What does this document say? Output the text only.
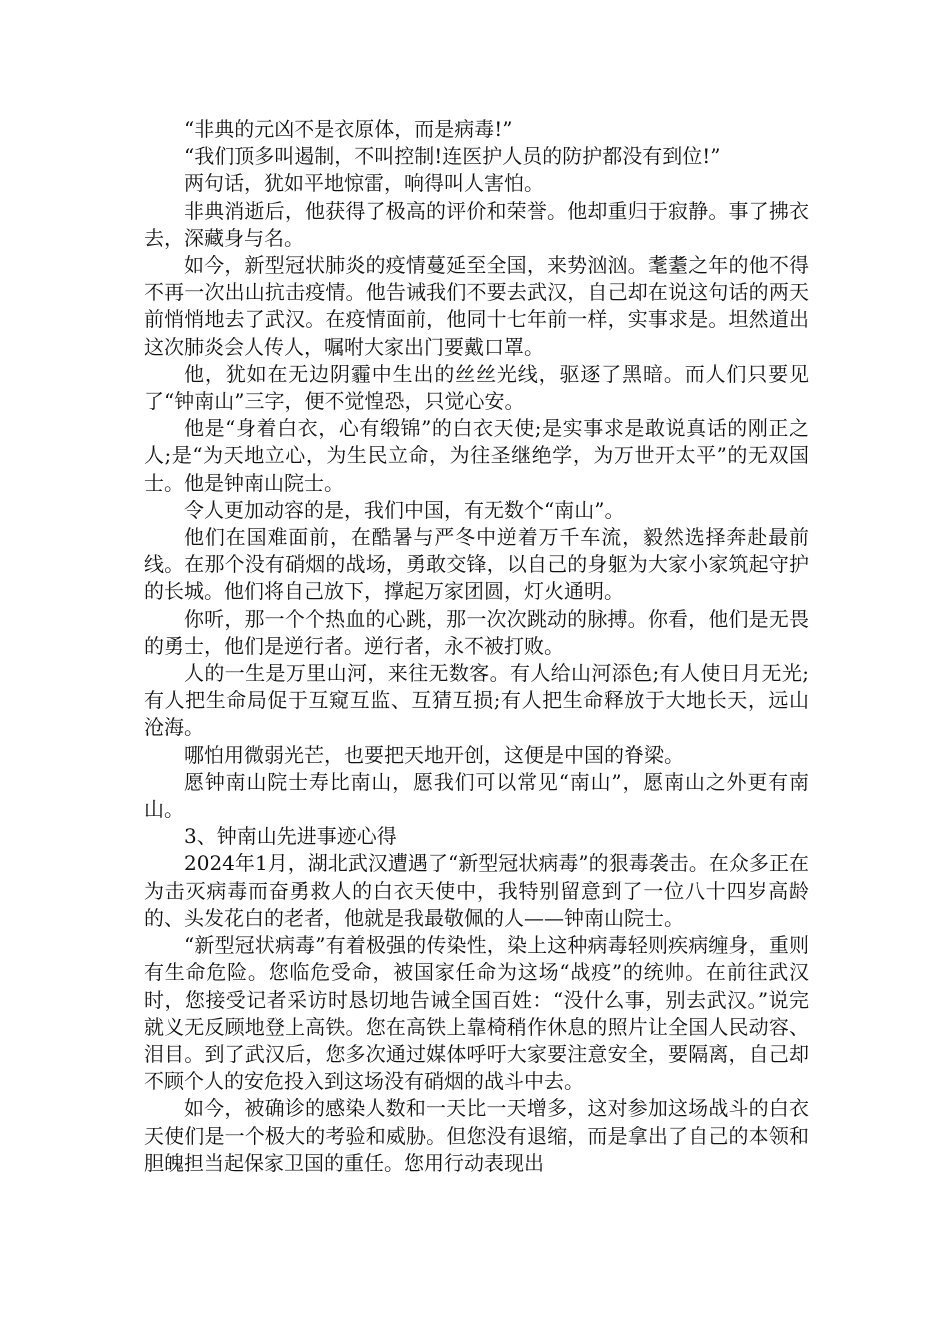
“非典的元凶不是衣原体，而是病毒!”

“我们顶多叫遏制，不叫控制!连医护人员的防护都没有到位!”

两句话，犹如平地惊雷，响得叫人害怕。

非典消逝后，他获得了极高的评价和荣誉。他却重归于寂静。事了拂衣去，深藏身与名。

如今，新型冠状肺炎的疫情蔓延至全国，来势汹汹。耄耋之年的他不得不再一次出山抗击疫情。他告诫我们不要去武汉，自己却在说这句话的两天前悄悄地去了武汉。在疫情面前，他同十七年前一样，实事求是。坦然道出这次肺炎会人传人，嘱咐大家出门要戴口罩。

他，犹如在无边阴霾中生出的丝丝光线，驱逐了黑暗。而人们只要见了“钟南山”三字，便不觉惶恐，只觉心安。

他是“身着白衣，心有缎锦”的白衣天使;是实事求是敢说真话的刚正之人;是“为天地立心，为生民立命，为往圣继绝学，为万世开太平”的无双国士。他是钟南山院士。

令人更加动容的是，我们中国，有无数个“南山”。

他们在国难面前，在酷暑与严冬中逆着万千车流，毅然选择奔赴最前线。在那个没有硝烟的战场，勇敢交锋，以自己的身躯为大家小家筑起守护的长城。他们将自己放下，撑起万家团圆，灯火通明。

你听，那一个个热血的心跳，那一次次跳动的脉搏。你看，他们是无畏的勇士，他们是逆行者。逆行者，永不被打败。

人的一生是万里山河，来往无数客。有人给山河添色;有人使日月无光;有人把生命局促于互窥互监、互猜互损;有人把生命释放于大地长天，远山沧海。

哪怕用微弱光芒，也要把天地开创，这便是中国的脊梁。

愿钟南山院士寿比南山，愿我们可以常见“南山”，愿南山之外更有南山。

3、钟南山先进事迹心得

2024年1月，湖北武汉遭遇了“新型冠状病毒”的狠毒袭击。在众多正在为击灭病毒而奋勇救人的白衣天使中，我特别留意到了一位八十四岁高龄的、头发花白的老者，他就是我最敬佩的人——钟南山院士。

“新型冠状病毒”有着极强的传染性，染上这种病毒轻则疾病缠身，重则有生命危险。您临危受命，被国家任命为这场“战疫”的统帅。在前往武汉时，您接受记者采访时恳切地告诫全国百姓：“没什么事，别去武汉。”说完就义无反顾地登上高铁。您在高铁上靠椅稍作休息的照片让全国人民动容、泪目。到了武汉后，您多次通过媒体呼吁大家要注意安全，要隔离，自己却不顾个人的安危投入到这场没有硝烟的战斗中去。

如今，被确诊的感染人数和一天比一天增多，这对参加这场战斗的白衣天使们是一个极大的考验和威胁。但您没有退缩，而是拿出了自己的本领和胆魄担当起保家卫国的重任。您用行动表现出
